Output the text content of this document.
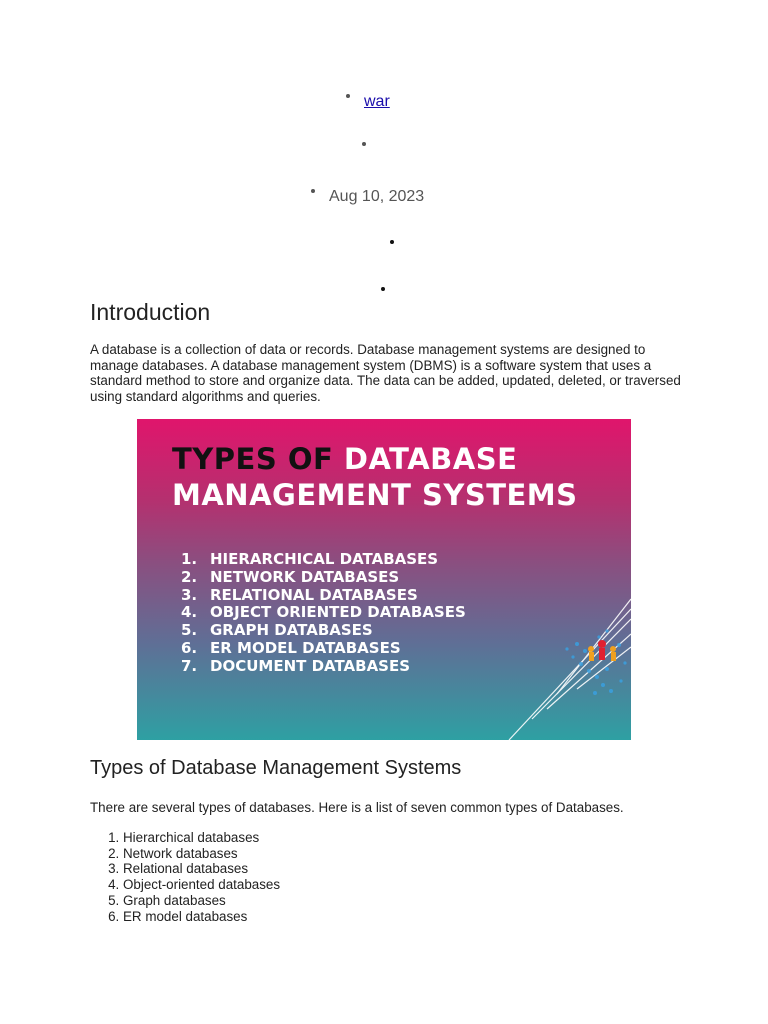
war
Aug 10, 2023
Introduction

A database is a collection of data or records. Database management systems are designed to manage databases. A database management system (DBMS) is a software system that uses a standard method to store and organize data. The data can be added, updated, deleted, or traversed using standard algorithms and queries.

TYPES OF DATABASE
MANAGEMENT SYSTEMS
1. HIERARCHICAL DATABASES
2. NETWORK DATABASES
3. RELATIONAL DATABASES
4. OBJECT ORIENTED DATABASES
5. GRAPH DATABASES
6. ER MODEL DATABASES
7. DOCUMENT DATABASES
Types of Database Management Systems

There are several types of databases. Here is a list of seven common types of Databases.

1. Hierarchical databases
2. Network databases
3. Relational databases
4. Object-oriented databases
5. Graph databases
6. ER model databases
